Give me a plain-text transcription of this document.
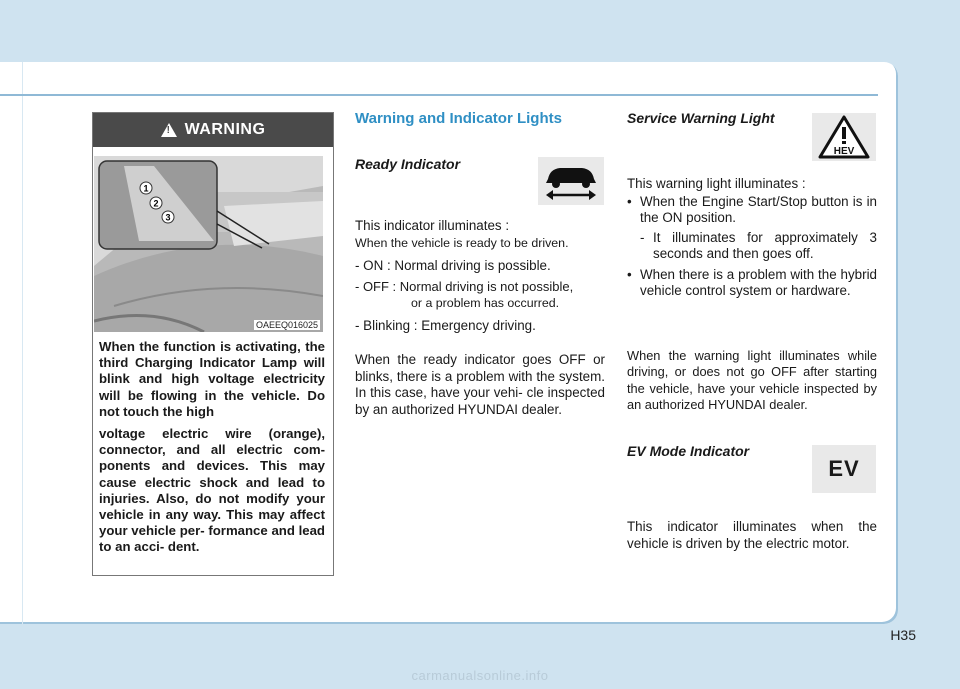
! WARNING
1
2
3
OAEEQ016025

When the function is activating, the third Charging Indicator Lamp will blink and high voltage electricity will be flowing in the vehicle. Do not touch the high

voltage electric wire (orange), connector, and all electric com- ponents and devices. This may cause electric shock and lead to injuries. Also, do not modify your vehicle in any way. This may affect your vehicle per- formance and lead to an acci- dent.

Warning and Indicator Lights
Ready Indicator

This indicator illuminates :

When the vehicle is ready to be driven.

- ON : Normal driving is possible.

- OFF : Normal driving is not possible,

or a problem has occurred.

- Blinking : Emergency driving.

When the ready indicator goes OFF or blinks, there is a problem with the system. In this case, have your vehi- cle inspected by an authorized HYUNDAI dealer.

Service Warning Light

HEV

This warning light illuminates :

• When the Engine Start/Stop button is in the ON position.

- It illuminates for approximately 3 seconds and then goes off.

• When there is a problem with the hybrid vehicle control system or hardware.

When the warning light illuminates while driving, or does not go OFF after starting the vehicle, have your vehicle inspected by an authorized HYUNDAI dealer.

EV Mode Indicator

EV

This indicator illuminates when the vehicle is driven by the electric motor.

H35
carmanualsonline.info
